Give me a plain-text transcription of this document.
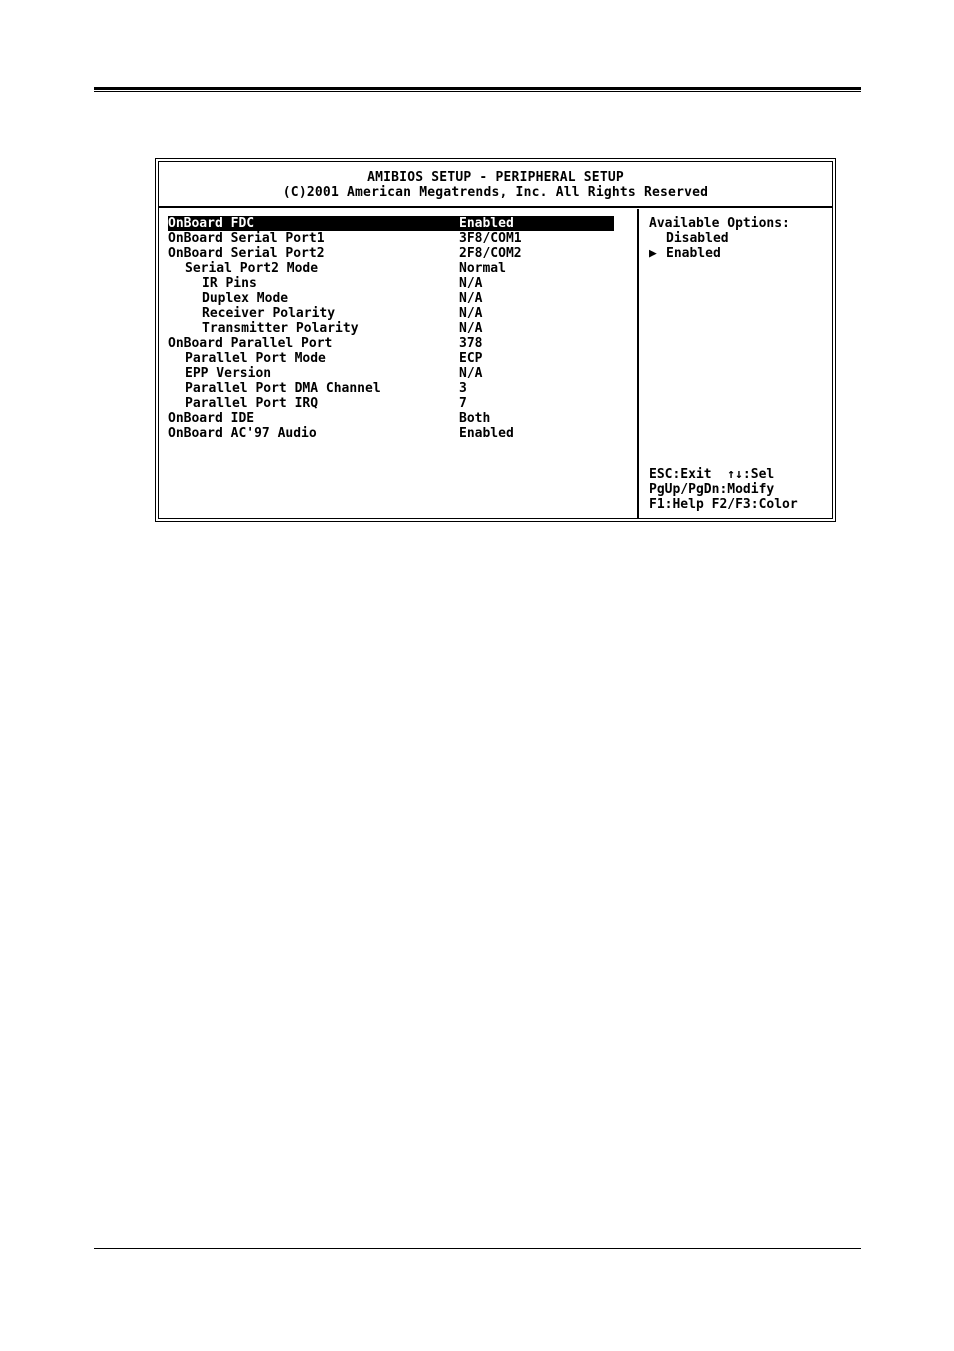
AMIBIOS SETUP - PERIPHERAL SETUP
(C)2001 American Megatrends, Inc. All Rights Reserved
OnBoard FDC	Enabled
OnBoard Serial Port1	3F8/COM1
OnBoard Serial Port2	2F8/COM2
Serial Port2 Mode	Normal
IR Pins	N/A
Duplex Mode	N/A
Receiver Polarity	N/A
Transmitter Polarity	N/A
OnBoard Parallel Port	378
Parallel Port Mode	ECP
EPP Version	N/A
Parallel Port DMA Channel	3
Parallel Port IRQ	7
OnBoard IDE	Both
OnBoard AC'97 Audio	Enabled
Available Options:
Disabled
▶ Enabled
ESC:Exit  ↑↓:Sel
PgUp/PgDn:Modify
F1:Help F2/F3:Color
